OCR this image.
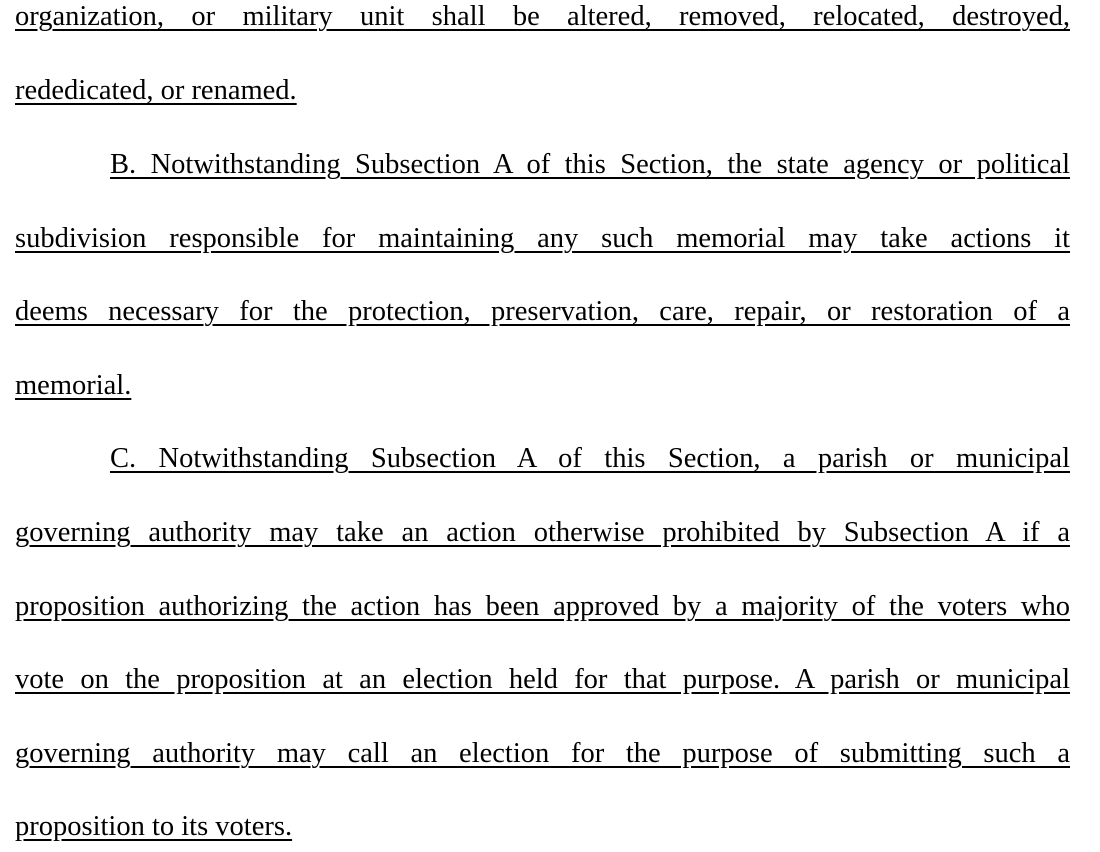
organization, or military unit shall be altered, removed, relocated, destroyed,
rededicated, or renamed.
B. Notwithstanding Subsection A of this Section, the state agency or political
subdivision responsible for maintaining any such memorial may take actions it
deems necessary for the protection, preservation, care, repair, or restoration of a
memorial.
C. Notwithstanding Subsection A of this Section, a parish or municipal
governing authority may take an action otherwise prohibited by Subsection A if a
proposition authorizing the action has been approved by a majority of the voters who
vote on the proposition at an election held for that purpose. A parish or municipal
governing authority may call an election for the purpose of submitting such a
proposition to its voters.
